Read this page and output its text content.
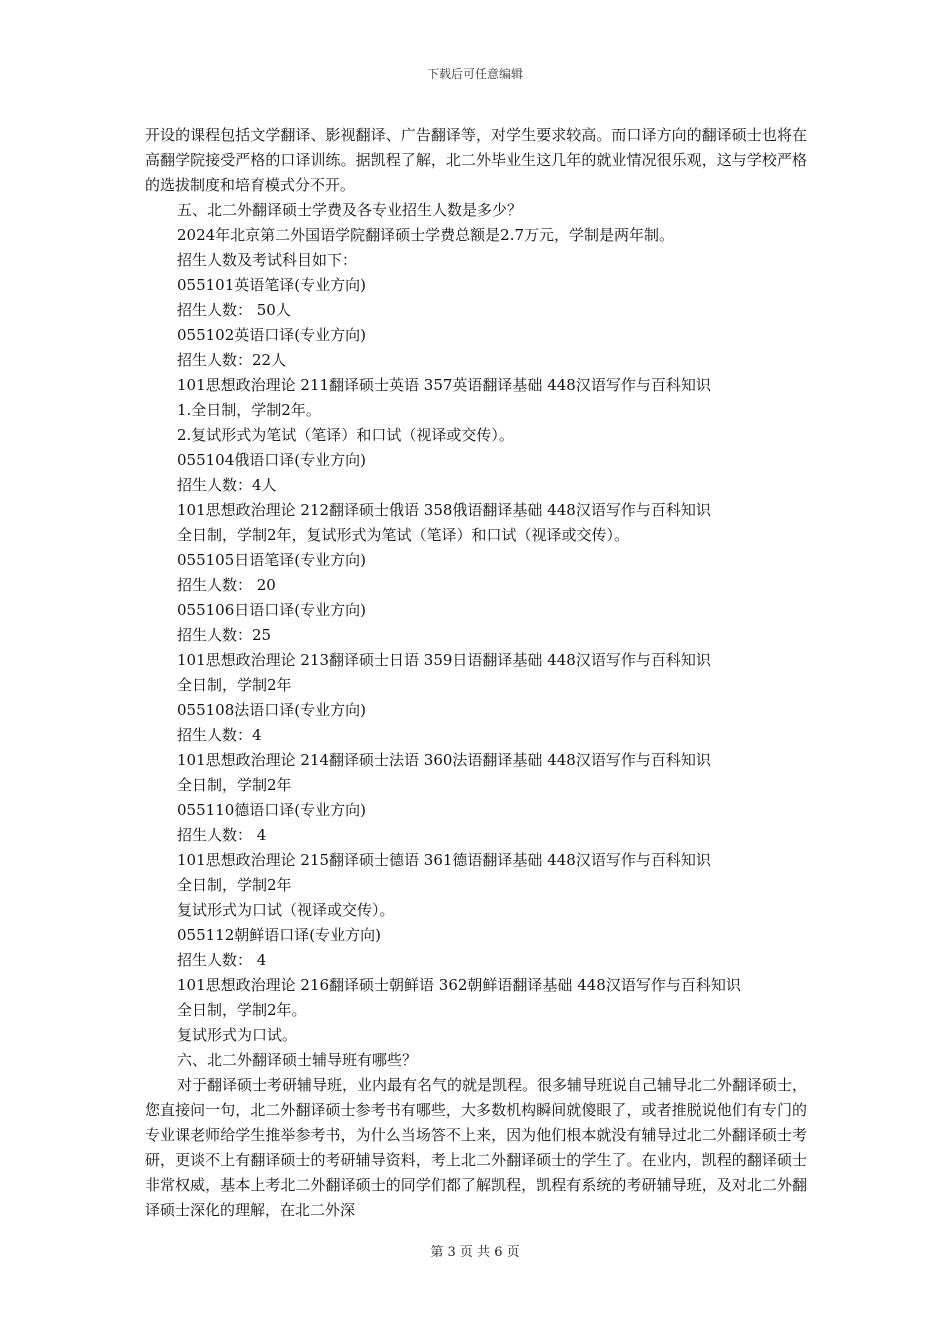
下载后可任意编辑

开设的课程包括文学翻译、影视翻译、广告翻译等，对学生要求较高。而口译方向的翻译硕士也将在高翻学院接受严格的口译训练。据凯程了解，北二外毕业生这几年的就业情况很乐观，这与学校严格的选拔制度和培育模式分不开。

五、北二外翻译硕士学费及各专业招生人数是多少？

2024年北京第二外国语学院翻译硕士学费总额是2.7万元，学制是两年制。

招生人数及考试科目如下：

055101英语笔译(专业方向)

招生人数： 50人

055102英语口译(专业方向)

招生人数：22人

101思想政治理论 211翻译硕士英语 357英语翻译基础 448汉语写作与百科知识

1.全日制，学制2年。

2.复试形式为笔试（笔译）和口试（视译或交传）。

055104俄语口译(专业方向)

招生人数：4人

101思想政治理论 212翻译硕士俄语 358俄语翻译基础 448汉语写作与百科知识

全日制，学制2年，复试形式为笔试（笔译）和口试（视译或交传）。

055105日语笔译(专业方向)

招生人数： 20

055106日语口译(专业方向)

招生人数：25

101思想政治理论 213翻译硕士日语 359日语翻译基础 448汉语写作与百科知识

全日制，学制2年

055108法语口译(专业方向)

招生人数：4

101思想政治理论 214翻译硕士法语 360法语翻译基础 448汉语写作与百科知识

全日制，学制2年

055110德语口译(专业方向)

招生人数： 4

101思想政治理论 215翻译硕士德语 361德语翻译基础 448汉语写作与百科知识

全日制，学制2年

复试形式为口试（视译或交传）。

055112朝鲜语口译(专业方向)

招生人数： 4

101思想政治理论 216翻译硕士朝鲜语 362朝鲜语翻译基础 448汉语写作与百科知识

全日制，学制2年。

复试形式为口试。

六、北二外翻译硕士辅导班有哪些？

对于翻译硕士考研辅导班，业内最有名气的就是凯程。很多辅导班说自己辅导北二外翻译硕士，您直接问一句，北二外翻译硕士参考书有哪些，大多数机构瞬间就傻眼了，或者推脱说他们有专门的专业课老师给学生推举参考书，为什么当场答不上来，因为他们根本就没有辅导过北二外翻译硕士考研，更谈不上有翻译硕士的考研辅导资料，考上北二外翻译硕士的学生了。在业内，凯程的翻译硕士非常权威，基本上考北二外翻译硕士的同学们都了解凯程，凯程有系统的考研辅导班，及对北二外翻译硕士深化的理解，在北二外深

第 3 页 共 6 页
